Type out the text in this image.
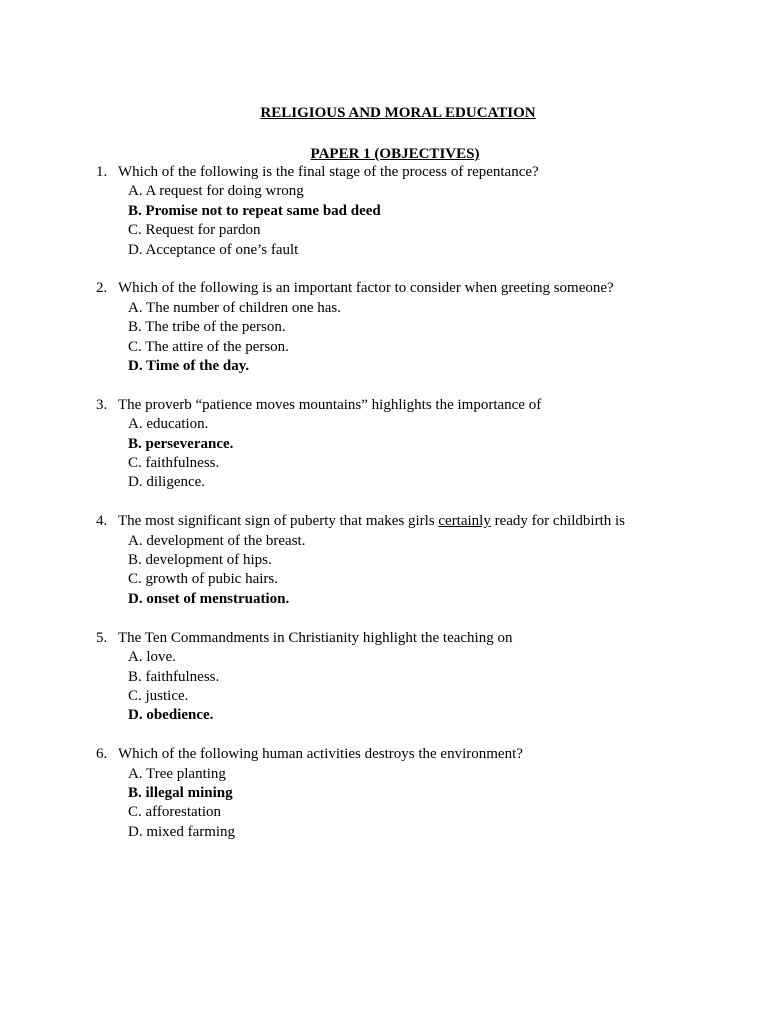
RELIGIOUS AND MORAL EDUCATION
PAPER 1 (OBJECTIVES)
1. Which of the following is the final stage of the process of repentance?
A. A request for doing wrong
B. Promise not to repeat same bad deed
C. Request for pardon
D. Acceptance of one’s fault
2. Which of the following is an important factor to consider when greeting someone?
A. The number of children one has.
B. The tribe of the person.
C. The attire of the person.
D. Time of the day.
3. The proverb “patience moves mountains” highlights the importance of
A. education.
B. perseverance.
C. faithfulness.
D. diligence.
4. The most significant sign of puberty that makes girls certainly ready for childbirth is
A. development of the breast.
B. development of hips.
C. growth of pubic hairs.
D. onset of menstruation.
5. The Ten Commandments in Christianity highlight the teaching on
A. love.
B. faithfulness.
C. justice.
D. obedience.
6. Which of the following human activities destroys the environment?
A. Tree planting
B. illegal mining
C. afforestation
D. mixed farming
